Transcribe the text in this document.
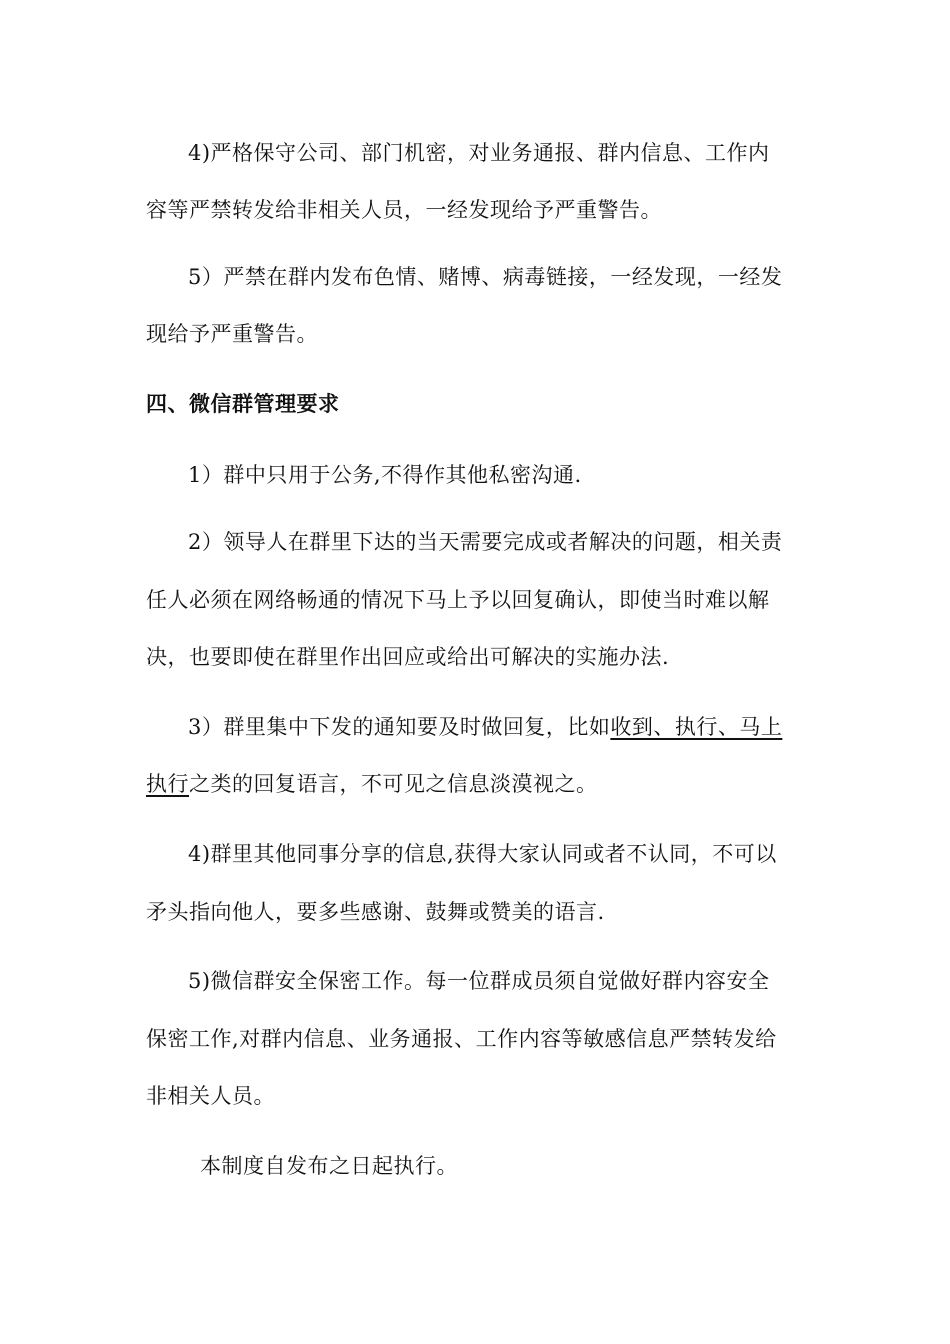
4)严格保守公司、部门机密，对业务通报、群内信息、工作内
容等严禁转发给非相关人员，一经发现给予严重警告。
5）严禁在群内发布色情、赌博、病毒链接，一经发现，一经发
现给予严重警告。
四、微信群管理要求
1）群中只用于公务,不得作其他私密沟通.
2）领导人在群里下达的当天需要完成或者解决的问题，相关责
任人必须在网络畅通的情况下马上予以回复确认，即使当时难以解
决，也要即使在群里作出回应或给出可解决的实施办法.
3）群里集中下发的通知要及时做回复，比如收到、执行、马上
执行之类的回复语言，不可见之信息淡漠视之。
4)群里其他同事分享的信息,获得大家认同或者不认同，不可以
矛头指向他人，要多些感谢、鼓舞或赞美的语言.
5)微信群安全保密工作。每一位群成员须自觉做好群内容安全
保密工作,对群内信息、业务通报、工作内容等敏感信息严禁转发给
非相关人员。
本制度自发布之日起执行。
